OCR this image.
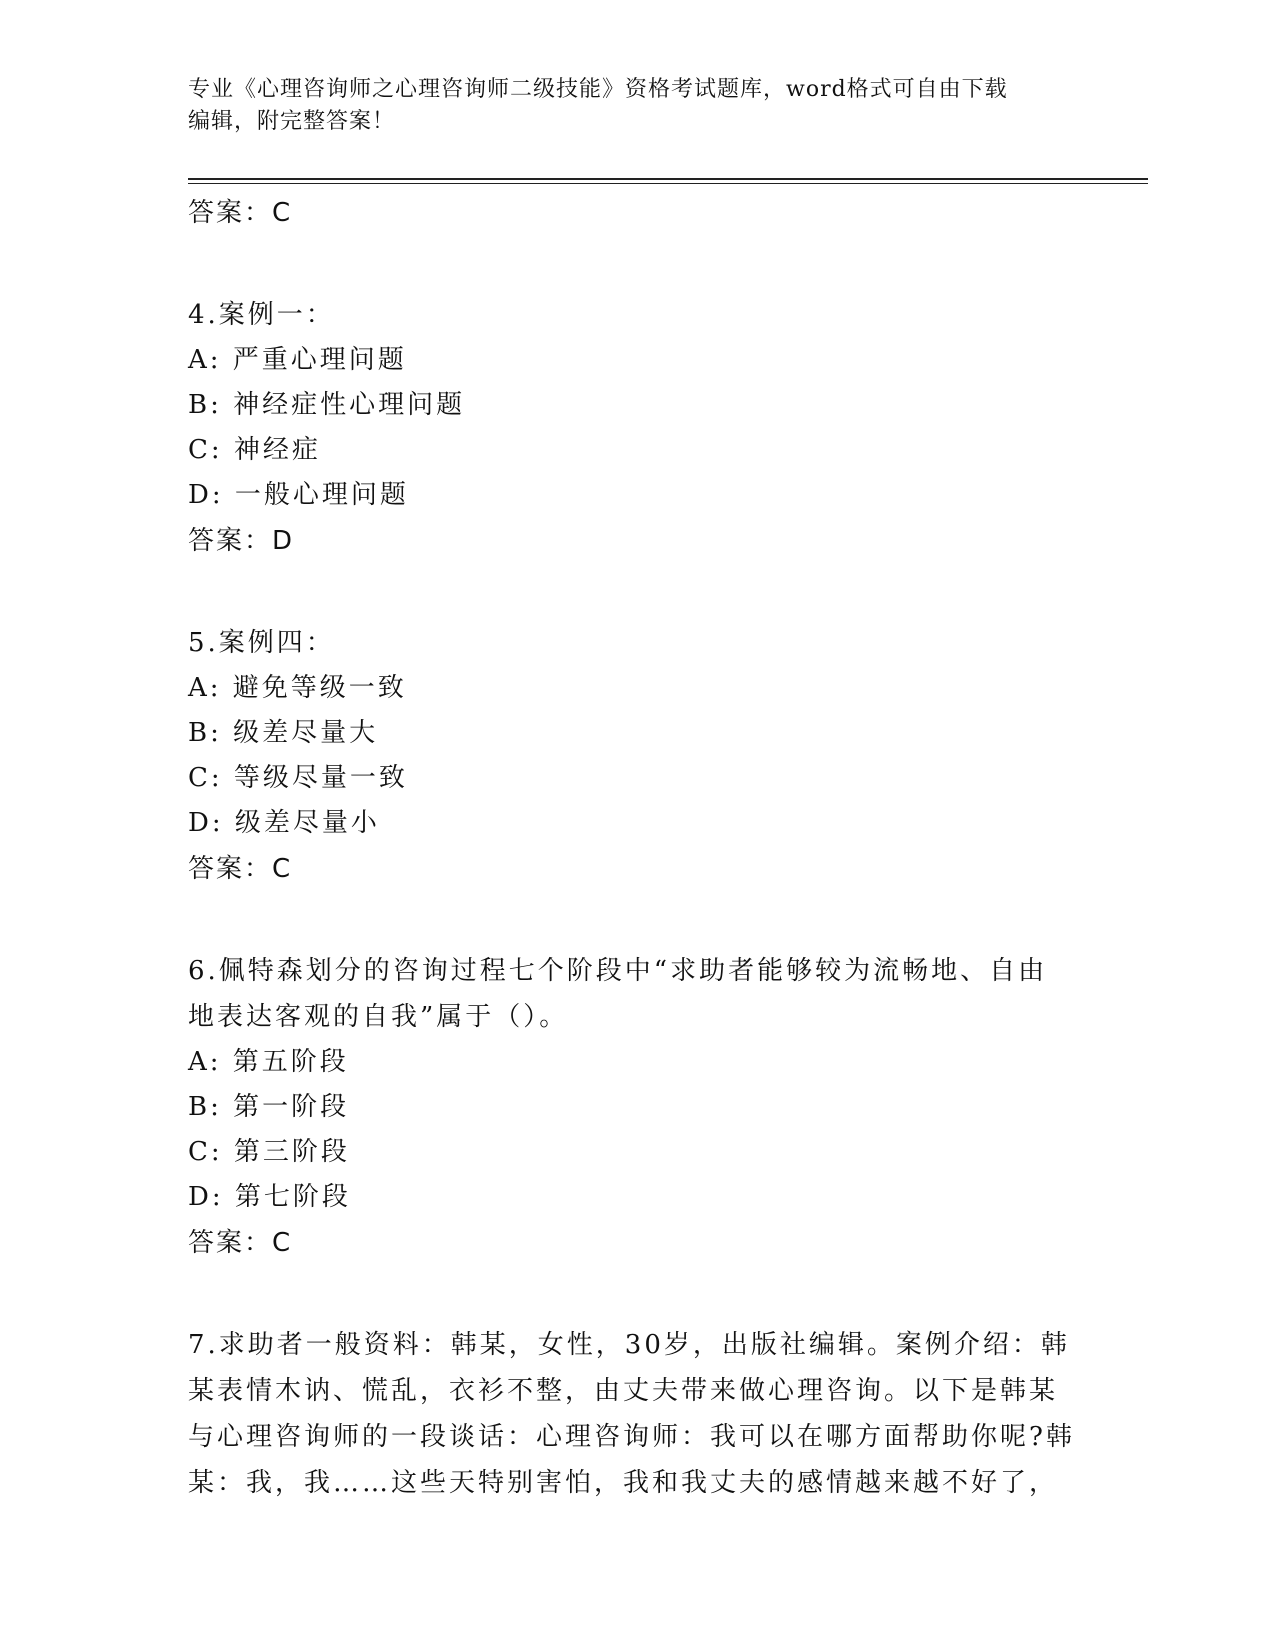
专业《心理咨询师之心理咨询师二级技能》资格考试题库，word格式可自由下载
编辑，附完整答案！
答案：C
4.案例一：
A: 严重心理问题
B: 神经症性心理问题
C: 神经症
D: 一般心理问题
答案：D
5.案例四：
A: 避免等级一致
B: 级差尽量大
C: 等级尽量一致
D: 级差尽量小
答案：C
6.佩特森划分的咨询过程七个阶段中“求助者能够较为流畅地、自由
地表达客观的自我”属于（）。
A: 第五阶段
B: 第一阶段
C: 第三阶段
D: 第七阶段
答案：C
7.求助者一般资料：韩某，女性，30岁，出版社编辑。案例介绍：韩
某表情木讷、慌乱，衣衫不整，由丈夫带来做心理咨询。以下是韩某
与心理咨询师的一段谈话：心理咨询师：我可以在哪方面帮助你呢?韩
某：我，我……这些天特别害怕，我和我丈夫的感情越来越不好了，
